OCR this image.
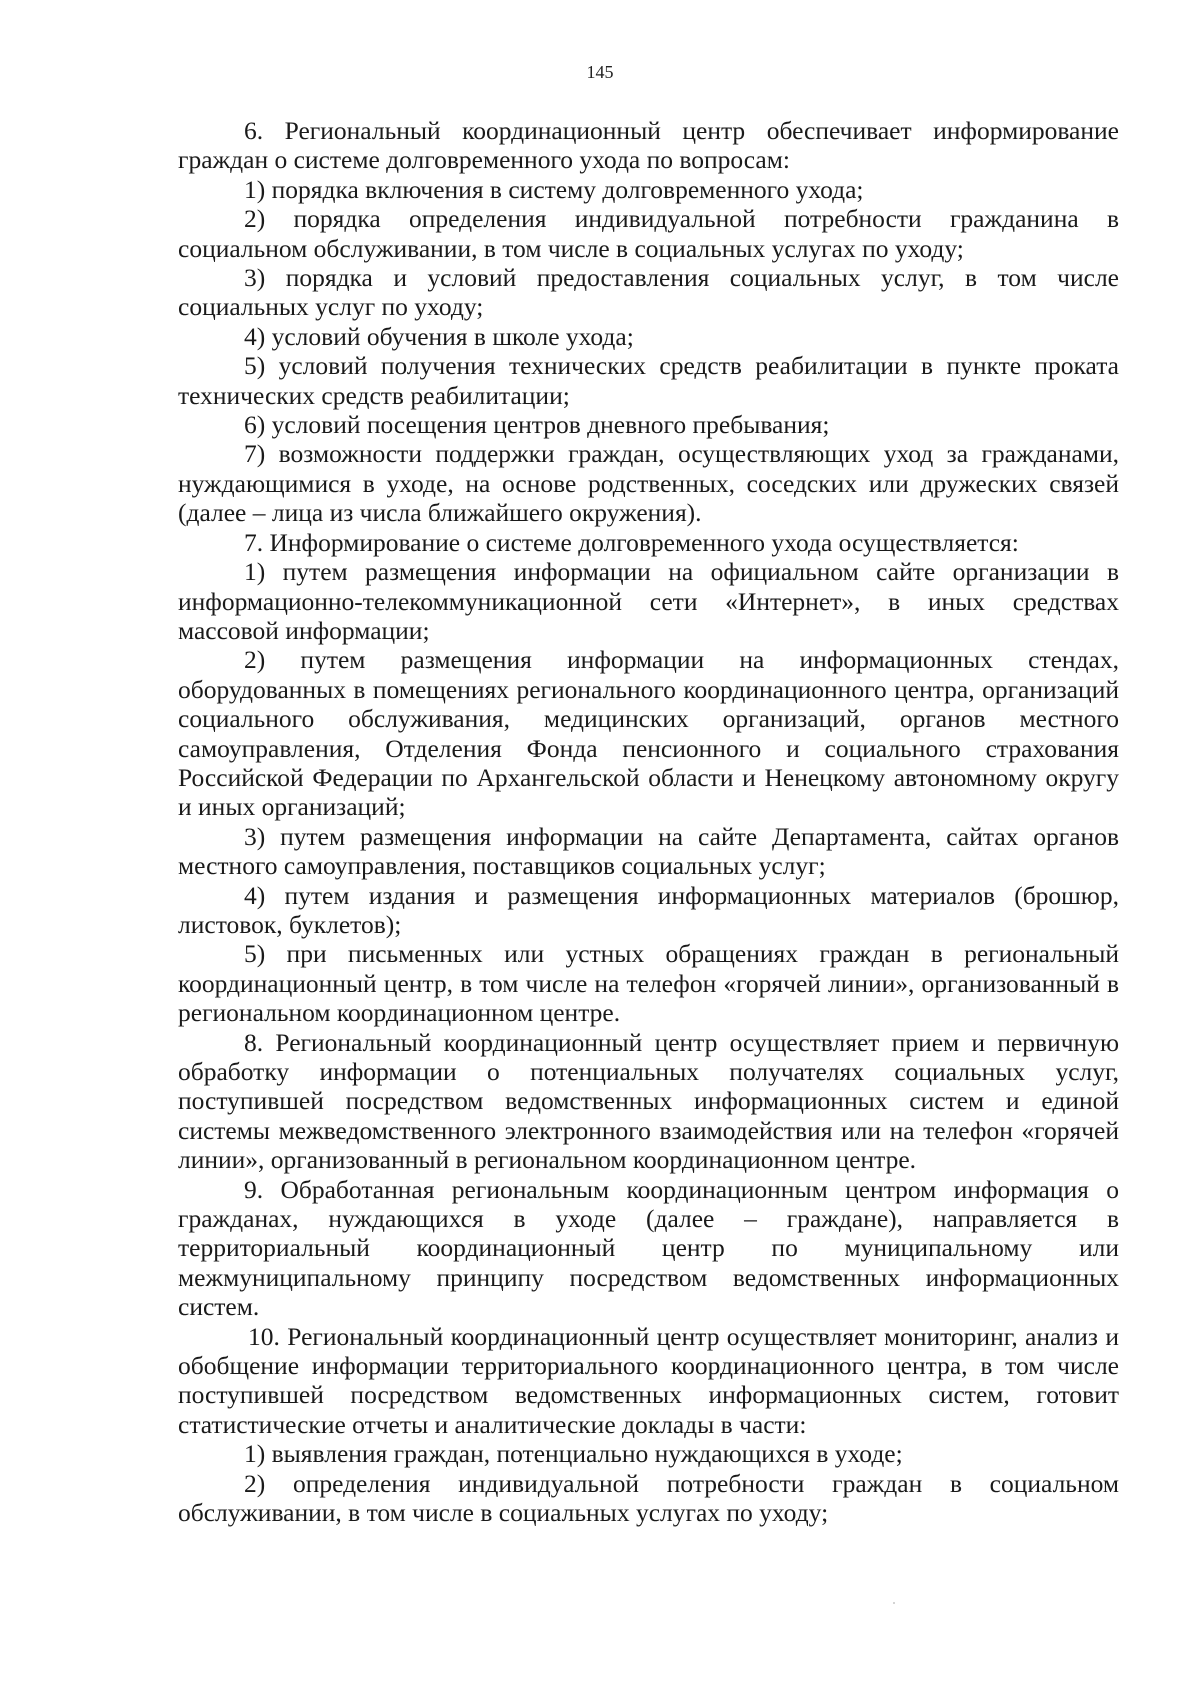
145

6. Региональный координационный центр обеспечивает информирование граждан о системе долговременного ухода по вопросам:

1) порядка включения в систему долговременного ухода;

2) порядка определения индивидуальной потребности гражданина в социальном обслуживании, в том числе в социальных услугах по уходу;

3) порядка и условий предоставления социальных услуг, в том числе социальных услуг по уходу;

4) условий обучения в школе ухода;

5) условий получения технических средств реабилитации в пункте проката технических средств реабилитации;

6) условий посещения центров дневного пребывания;

7) возможности поддержки граждан, осуществляющих уход за гражданами, нуждающимися в уходе, на основе родственных, соседских или дружеских связей (далее – лица из числа ближайшего окружения).

7. Информирование о системе долговременного ухода осуществляется:

1) путем размещения информации на официальном сайте организации в информационно-телекоммуникационной сети «Интернет», в иных средствах массовой информации;

2) путем размещения информации на информационных стендах, оборудованных в помещениях регионального координационного центра, организаций социального обслуживания, медицинских организаций, органов местного самоуправления, Отделения Фонда пенсионного и социального страхования Российской Федерации по Архангельской области и Ненецкому автономному округу и иных организаций;

3) путем размещения информации на сайте Департамента, сайтах органов местного самоуправления, поставщиков социальных услуг;

4) путем издания и размещения информационных материалов (брошюр, листовок, буклетов);

5) при письменных или устных обращениях граждан в региональный координационный центр, в том числе на телефон «горячей линии», организованный в региональном координационном центре.

8. Региональный координационный центр осуществляет прием и первичную обработку информации о потенциальных получателях социальных услуг, поступившей посредством ведомственных информационных систем и единой системы межведомственного электронного взаимодействия или на телефон «горячей линии», организованный в региональном координационном центре.

9. Обработанная региональным координационным центром информация о гражданах, нуждающихся в уходе (далее – граждане), направляется в территориальный координационный центр по муниципальному или межмуниципальному принципу посредством ведомственных информационных систем.

10. Региональный координационный центр осуществляет мониторинг, анализ и обобщение информации территориального координационного центра, в том числе поступившей посредством ведомственных информационных систем, готовит статистические отчеты и аналитические доклады в части:

1) выявления граждан, потенциально нуждающихся в уходе;

2) определения индивидуальной потребности граждан в социальном обслуживании, в том числе в социальных услугах по уходу;
